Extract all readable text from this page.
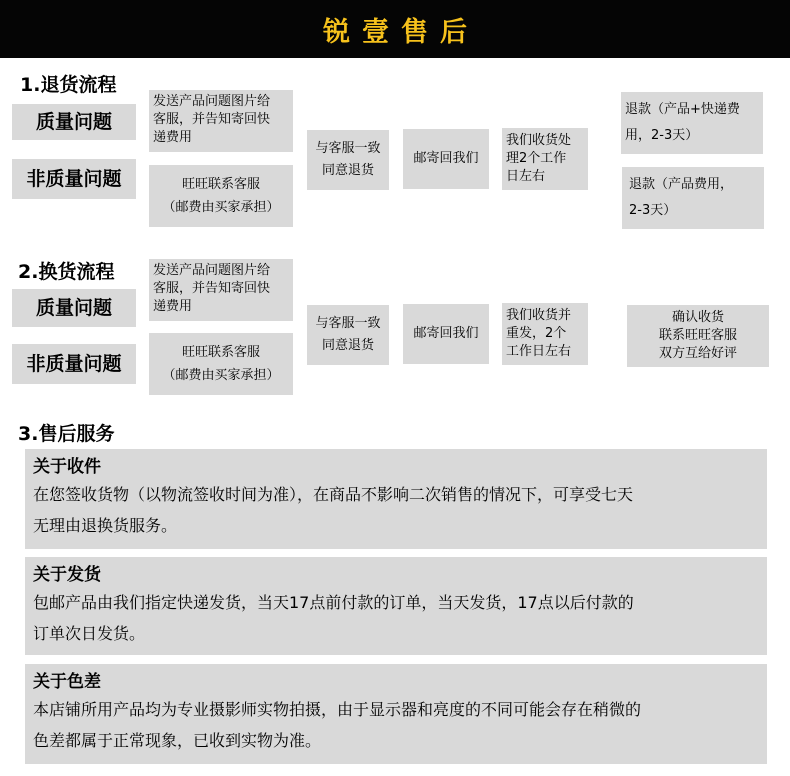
锐壹售后
1.退货流程
质量问题
非质量问题
发送产品问题图片给
客服，并告知寄回快
递费用
旺旺联系客服
（邮费由买家承担）
与客服一致
同意退货
邮寄回我们
我们收货处
理2个工作
日左右
退款（产品+快递费
用，2-3天）
退款（产品费用，
2-3天）
2.换货流程
质量问题
非质量问题
发送产品问题图片给
客服，并告知寄回快
递费用
旺旺联系客服
（邮费由买家承担）
与客服一致
同意退货
邮寄回我们
我们收货并
重发，2个
工作日左右
确认收货
联系旺旺客服
双方互给好评
3.售后服务
关于收件
在您签收货物（以物流签收时间为准），在商品不影响二次销售的情况下，可享受七天
无理由退换货服务。
关于发货
包邮产品由我们指定快递发货，当天17点前付款的订单，当天发货，17点以后付款的
订单次日发货。
关于色差
本店铺所用产品均为专业摄影师实物拍摄，由于显示器和亮度的不同可能会存在稍微的
色差都属于正常现象，已收到实物为准。
